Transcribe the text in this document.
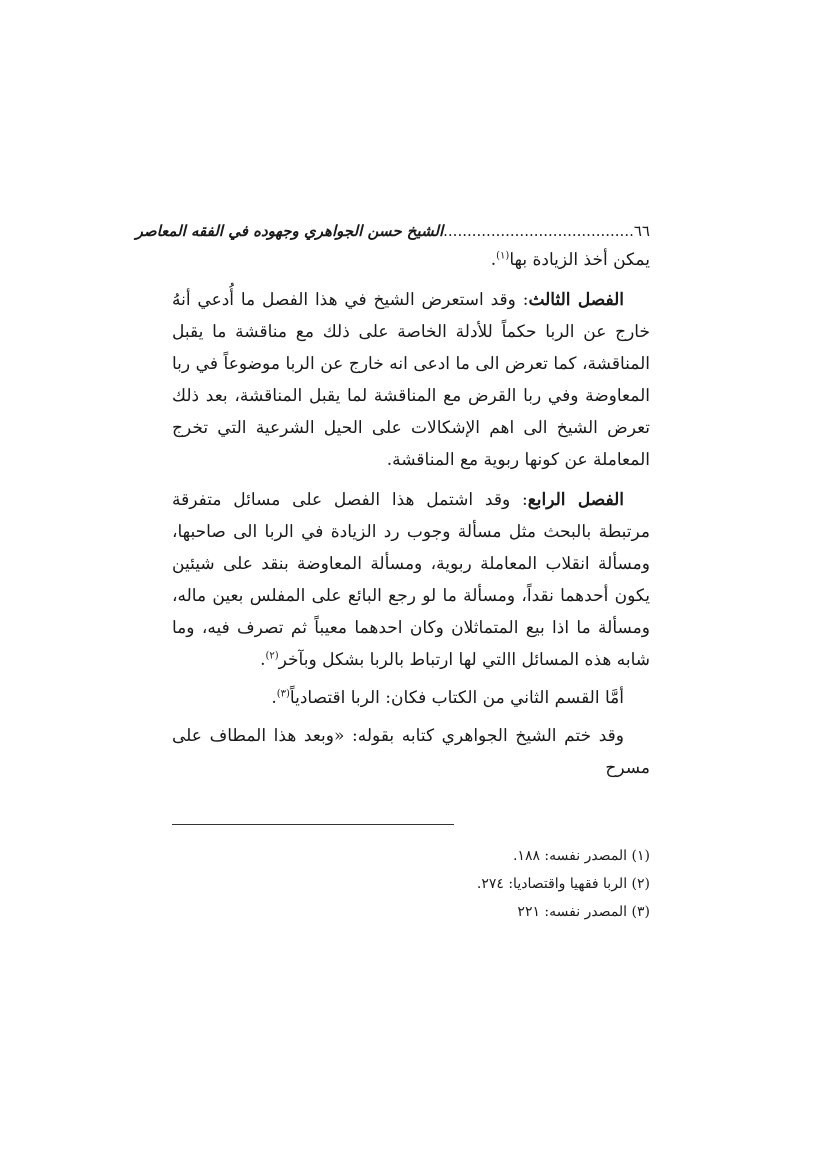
٦٦........................................الشيخ حسن الجواهري وجهوده في الفقه المعاصر

يمكن أخذ الزيادة بها$^{(١)}$.

الفصل الثالث: وقد استعرض الشيخ في هذا الفصل ما أُدعي أنهُ خارج عن الربا حكماً للأدلة الخاصة على ذلك مع مناقشة ما يقبل المناقشة، كما تعرض الى ما ادعى انه خارج عن الربا موضوعاً في ربا المعاوضة وفي ربا القرض مع المناقشة لما يقبل المناقشة، بعد ذلك تعرض الشيخ الى اهم الإشكالات على الحيل الشرعية التي تخرج المعاملة عن كونها ربوية مع المناقشة.

الفصل الرابع: وقد اشتمل هذا الفصل على مسائل متفرقة مرتبطة بالبحث مثل مسألة وجوب رد الزيادة في الربا الى صاحبها، ومسألة انقلاب المعاملة ربوية، ومسألة المعاوضة بنقد على شيئين يكون أحدهما نقداً، ومسألة ما لو رجع البائع على المفلس بعين ماله، ومسألة ما اذا بيع المتماثلان وكان احدهما معيباً ثم تصرف فيه، وما شابه هذه المسائل االتي لها ارتباط بالربا بشكل وبآخر$^{(٢)}$.

أمَّا القسم الثاني من الكتاب فكان: الربا اقتصادياً$^{(٣)}$.

وقد ختم الشيخ الجواهري كتابه بقوله: «وبعد هذا المطاف على مسرح

(١) المصدر نفسه: ١٨٨.
(٢) الربا فقهيا واقتصاديا: ٢٧٤.
(٣) المصدر نفسه: ٢٢١
